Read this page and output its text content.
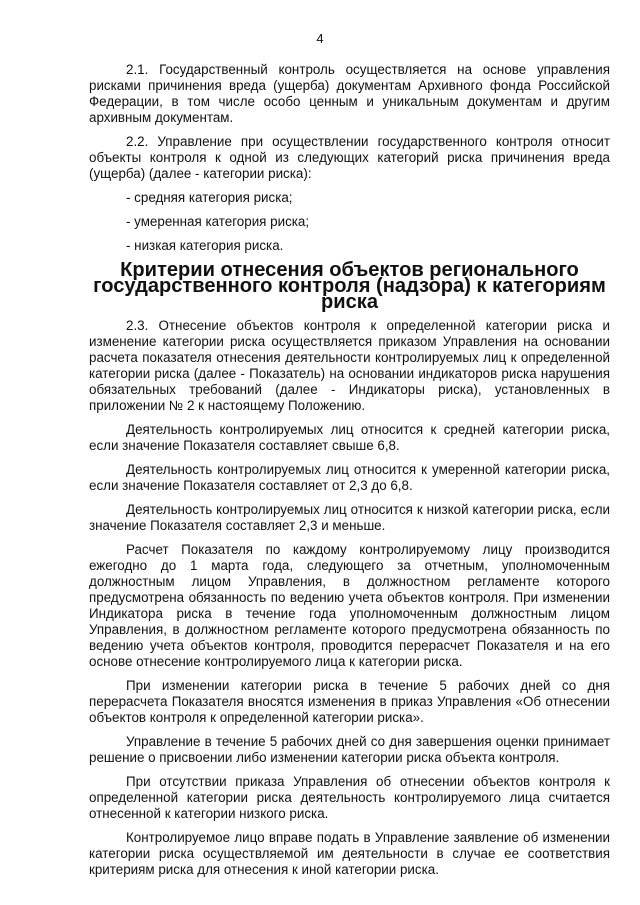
4

2.1. Государственный контроль осуществляется на основе управления рисками причинения вреда (ущерба) документам Архивного фонда Российской Федерации, в том числе особо ценным и уникальным документам и другим архивным документам.

2.2. Управление при осуществлении государственного контроля относит объекты контроля к одной из следующих категорий риска причинения вреда (ущерба) (далее - категории риска):

- средняя категория риска;

- умеренная категория риска;

- низкая категория риска.

Критерии отнесения объектов регионального
государственного контроля (надзора) к категориям риска

2.3. Отнесение объектов контроля к определенной категории риска и изменение категории риска осуществляется приказом Управления на основании расчета показателя отнесения деятельности контролируемых лиц к определенной категории риска (далее - Показатель) на основании индикаторов риска нарушения обязательных требований (далее - Индикаторы риска), установленных в приложении № 2 к настоящему Положению.

Деятельность контролируемых лиц относится к средней категории риска, если значение Показателя составляет свыше 6,8.

Деятельность контролируемых лиц относится к умеренной категории риска, если значение Показателя составляет от 2,3 до 6,8.

Деятельность контролируемых лиц относится к низкой категории риска, если значение Показателя составляет 2,3 и меньше.

Расчет Показателя по каждому контролируемому лицу производится ежегодно до 1 марта года, следующего за отчетным, уполномоченным должностным лицом Управления, в должностном регламенте которого предусмотрена обязанность по ведению учета объектов контроля. При изменении Индикатора риска в течение года уполномоченным должностным лицом Управления, в должностном регламенте которого предусмотрена обязанность по ведению учета объектов контроля, проводится перерасчет Показателя и на его основе отнесение контролируемого лица к категории риска.

При изменении категории риска в течение 5 рабочих дней со дня перерасчета Показателя вносятся изменения в приказ Управления «Об отнесении объектов контроля к определенной категории риска».

Управление в течение 5 рабочих дней со дня завершения оценки принимает решение о присвоении либо изменении категории риска объекта контроля.

При отсутствии приказа Управления об отнесении объектов контроля к определенной категории риска деятельность контролируемого лица считается отнесенной к категории низкого риска.

Контролируемое лицо вправе подать в Управление заявление об изменении категории риска осуществляемой им деятельности в случае ее соответствия критериям риска для отнесения к иной категории риска.
